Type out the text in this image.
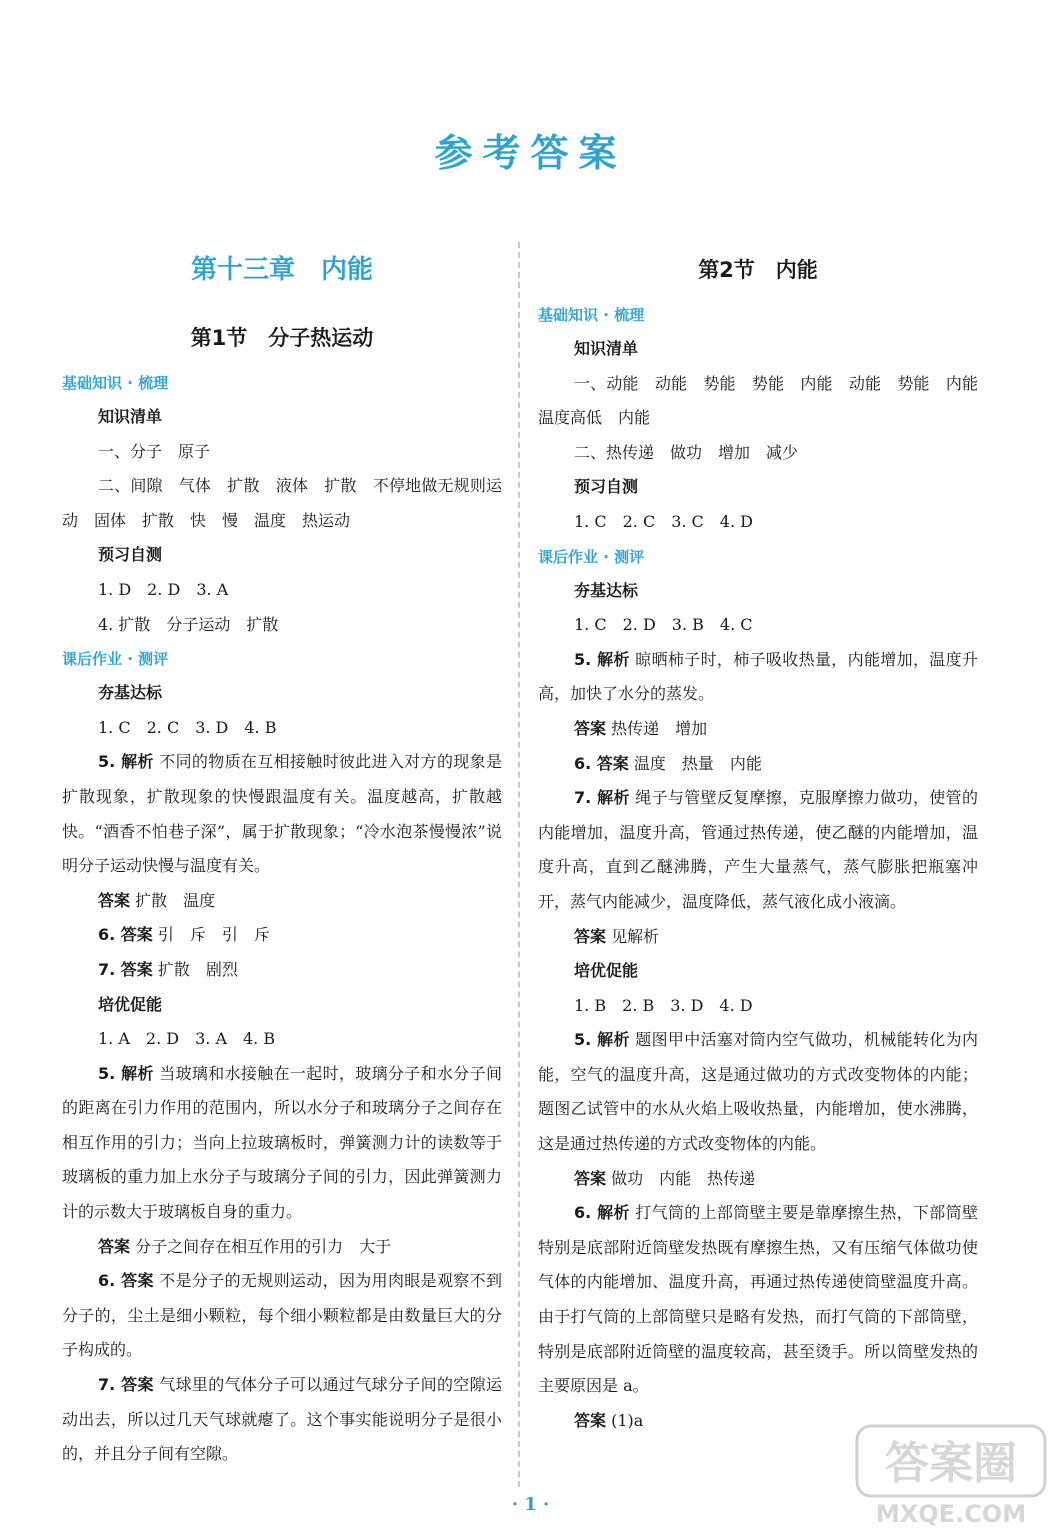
参考答案
第十三章　内能
第1节　分子热运动
基础知识 · 梳理
知识清单

一、分子　原子

二、间隙　气体　扩散　液体　扩散　不停地做无规则运动　固体　扩散　快　慢　温度　热运动

预习自测

1. D　2. D　3. A

4. 扩散　分子运动　扩散

课后作业 · 测评
夯基达标

1. C　2. C　3. D　4. B

5. 解析 不同的物质在互相接触时彼此进入对方的现象是扩散现象，扩散现象的快慢跟温度有关。温度越高，扩散越快。“酒香不怕巷子深”，属于扩散现象；“冷水泡茶慢慢浓”说明分子运动快慢与温度有关。

答案 扩散　温度

6. 答案 引　斥　引　斥

7. 答案 扩散　剧烈

培优促能

1. A　2. D　3. A　4. B

5. 解析 当玻璃和水接触在一起时，玻璃分子和水分子间的距离在引力作用的范围内，所以水分子和玻璃分子之间存在相互作用的引力；当向上拉玻璃板时，弹簧测力计的读数等于玻璃板的重力加上水分子与玻璃分子间的引力，因此弹簧测力计的示数大于玻璃板自身的重力。

答案 分子之间存在相互作用的引力　大于

6. 答案 不是分子的无规则运动，因为用肉眼是观察不到分子的，尘土是细小颗粒，每个细小颗粒都是由数量巨大的分子构成的。

7. 答案 气球里的气体分子可以通过气球分子间的空隙运动出去，所以过几天气球就瘪了。这个事实能说明分子是很小的，并且分子间有空隙。

第2节　内能
基础知识 · 梳理
知识清单

一、动能　动能　势能　势能　内能　动能　势能　内能　温度高低　内能

二、热传递　做功　增加　减少

预习自测

1. C　2. C　3. C　4. D

课后作业 · 测评
夯基达标

1. C　2. D　3. B　4. C

5. 解析 晾晒柿子时，柿子吸收热量，内能增加，温度升高，加快了水分的蒸发。

答案 热传递　增加

6. 答案 温度　热量　内能

7. 解析 绳子与管壁反复摩擦，克服摩擦力做功，使管的内能增加，温度升高，管通过热传递，使乙醚的内能增加，温度升高，直到乙醚沸腾，产生大量蒸气，蒸气膨胀把瓶塞冲开，蒸气内能减少，温度降低，蒸气液化成小液滴。

答案 见解析

培优促能

1. B　2. B　3. D　4. D

5. 解析 题图甲中活塞对筒内空气做功，机械能转化为内能，空气的温度升高，这是通过做功的方式改变物体的内能；题图乙试管中的水从火焰上吸收热量，内能增加，使水沸腾，这是通过热传递的方式改变物体的内能。

答案 做功　内能　热传递

6. 解析 打气筒的上部筒壁主要是靠摩擦生热，下部筒壁特别是底部附近筒壁发热既有摩擦生热，又有压缩气体做功使气体的内能增加、温度升高，再通过热传递使筒壁温度升高。由于打气筒的上部筒壁只是略有发热，而打气筒的下部筒壁，特别是底部附近筒壁的温度较高，甚至烫手。所以筒壁发热的主要原因是 a。

答案 (1)a

· 1 ·
答案圈
MXQE.COM
